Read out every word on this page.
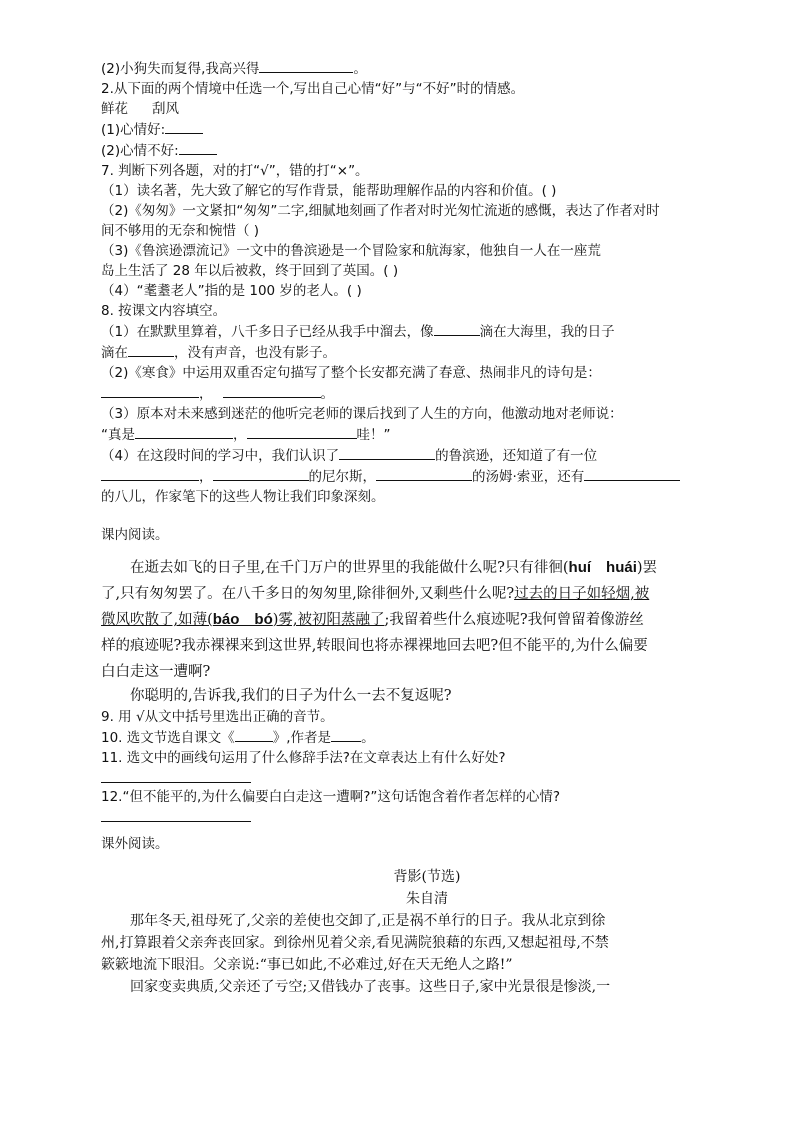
(2)小狗失而复得,我高兴得	。
2.从下面的两个情境中任选一个,写出自己心情“好”与“不好”时的情感。
鲜花 刮风
(1)心情好:
(2)心情不好:
7. 判断下列各题，对的打“√”，错的打“×”。
（1）读名著，先大致了解它的写作背景，能帮助理解作品的内容和价值。( )
（2)《匆匆》一文紧扣“匆匆”二字,细腻地刻画了作者对时光匆忙流逝的感慨，表达了作者对时
间不够用的无奈和惋惜（ )
（3)《鲁滨逊漂流记》一文中的鲁滨逊是一个冒险家和航海家，他独自一人在一座荒
岛上生活了 28 年以后被救，终于回到了英国。( )
（4）“耄耋老人”指的是 100 岁的老人。( )
8. 按课文内容填空。
（1）在默默里算着，八千多日子已经从我手中溜去，像	滴在大海里，我的日子
滴在	，没有声音，也没有影子。
（2)《寒食》中运用双重否定句描写了整个长安都充满了春意、热闹非凡的诗句是：
，	。
（3）原本对未来感到迷茫的他听完老师的课后找到了人生的方向，他激动地对老师说：
“真是	，	哇！”
（4）在这段时间的学习中，我们认识了	的鲁滨逊，还知道了有一位
，	的尼尔斯，	的汤姆·索亚，还有
的八儿，作家笔下的这些人物让我们印象深刻。
课内阅读。
在逝去如飞的日子里,在千门万户的世界里的我能做什么呢?只有徘徊(huí　huái)罢
了,只有匆匆罢了。在八千多日的匆匆里,除徘徊外,又剩些什么呢?过去的日子如轻烟,被
微风吹散了,如薄(báo　bó)雾,被初阳蒸融了;我留着些什么痕迹呢?我何曾留着像游丝
样的痕迹呢?我赤裸裸来到这世界,转眼间也将赤裸裸地回去吧?但不能平的,为什么偏要
白白走这一遭啊?
你聪明的,告诉我,我们的日子为什么一去不复返呢?
9. 用 √从文中括号里选出正确的音节。
10. 选文节选自课文《	》,作者是 。
11. 选文中的画线句运用了什么修辞手法?在文章表达上有什么好处?
12.“但不能平的,为什么偏要白白走这一遭啊?”这句话饱含着作者怎样的心情?
课外阅读。
背影(节选)
朱自清
那年冬天,祖母死了,父亲的差使也交卸了,正是祸不单行的日子。我从北京到徐
州,打算跟着父亲奔丧回家。到徐州见着父亲,看见满院狼藉的东西,又想起祖母,不禁
簌簌地流下眼泪。父亲说:“事已如此,不必难过,好在天无绝人之路!”
回家变卖典质,父亲还了亏空;又借钱办了丧事。这些日子,家中光景很是惨淡,一
